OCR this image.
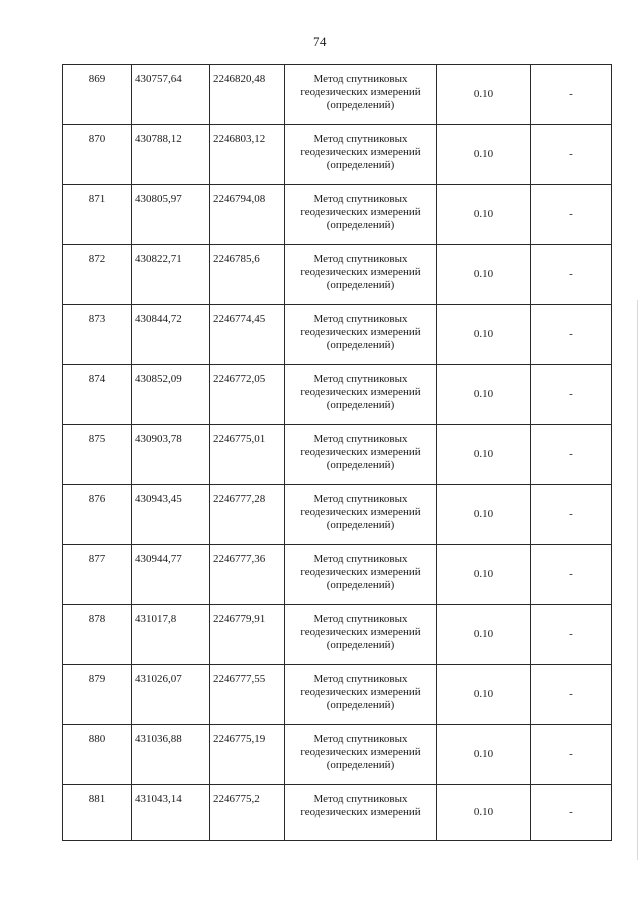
74
869	430757,64	2246820,48	Метод спутниковых
геодезических измерений
(определений)	0.10	-
870	430788,12	2246803,12	Метод спутниковых
геодезических измерений
(определений)	0.10	-
871	430805,97	2246794,08	Метод спутниковых
геодезических измерений
(определений)	0.10	-
872	430822,71	2246785,6	Метод спутниковых
геодезических измерений
(определений)	0.10	-
873	430844,72	2246774,45	Метод спутниковых
геодезических измерений
(определений)	0.10	-
874	430852,09	2246772,05	Метод спутниковых
геодезических измерений
(определений)	0.10	-
875	430903,78	2246775,01	Метод спутниковых
геодезических измерений
(определений)	0.10	-
876	430943,45	2246777,28	Метод спутниковых
геодезических измерений
(определений)	0.10	-
877	430944,77	2246777,36	Метод спутниковых
геодезических измерений
(определений)	0.10	-
878	431017,8	2246779,91	Метод спутниковых
геодезических измерений
(определений)	0.10	-
879	431026,07	2246777,55	Метод спутниковых
геодезических измерений
(определений)	0.10	-
880	431036,88	2246775,19	Метод спутниковых
геодезических измерений
(определений)	0.10	-
881	431043,14	2246775,2	Метод спутниковых
геодезических измерений	0.10	-
